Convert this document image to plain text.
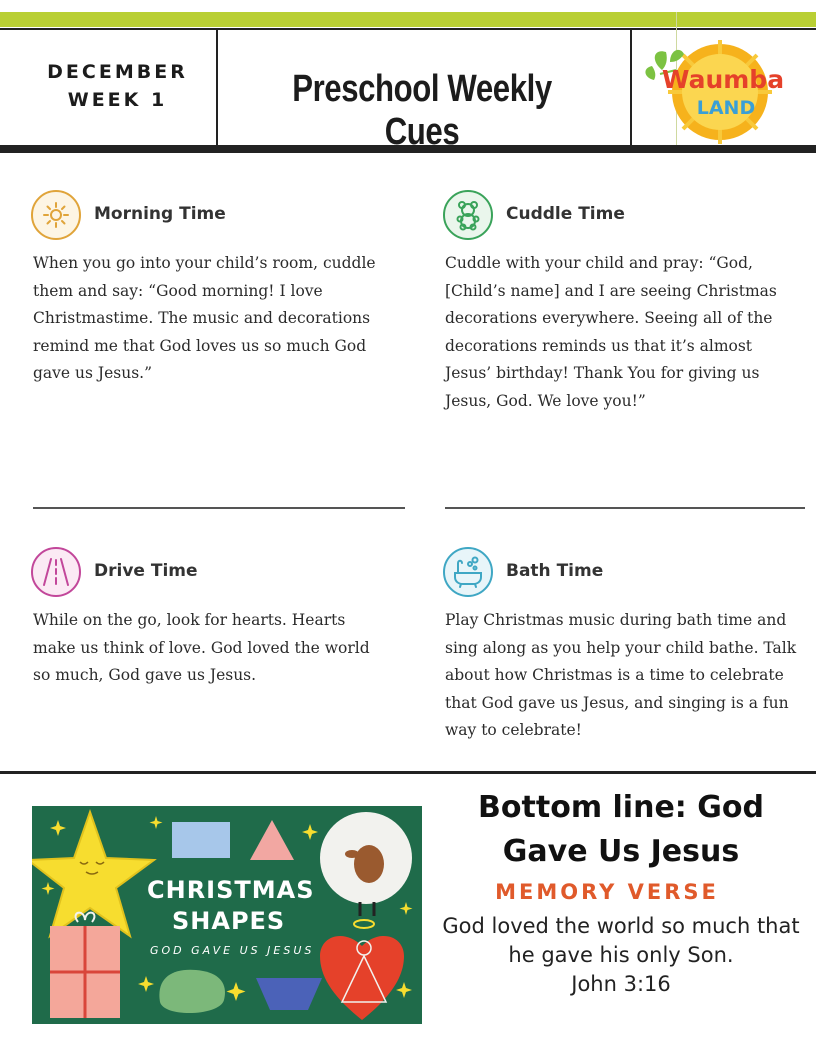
DECEMBER
WEEK 1	Preschool Weekly Cues
Waumba
LAND
Morning Time
When you go into your child’s room, cuddle
them and say: “Good morning! I love
Christmastime. The music and decorations
remind me that God loves us so much God
gave us Jesus.”
Cuddle Time
Cuddle with your child and pray: “God,
[Child’s name] and I are seeing Christmas
decorations everywhere. Seeing all of the
decorations reminds us that it’s almost
Jesus’ birthday! Thank You for giving us
Jesus, God. We love you!”
Drive Time
While on the go, look for hearts. Hearts
make us think of love. God loved the world
so much, God gave us Jesus.
Bath Time
Play Christmas music during bath time and
sing along as you help your child bathe. Talk
about how Christmas is a time to celebrate
that God gave us Jesus, and singing is a fun
way to celebrate!
CHRISTMAS
SHAPES
GOD GAVE US JESUS
Bottom line: God Gave Us Jesus
MEMORY VERSE
God loved the world so much that he gave his only Son.
John 3:16
